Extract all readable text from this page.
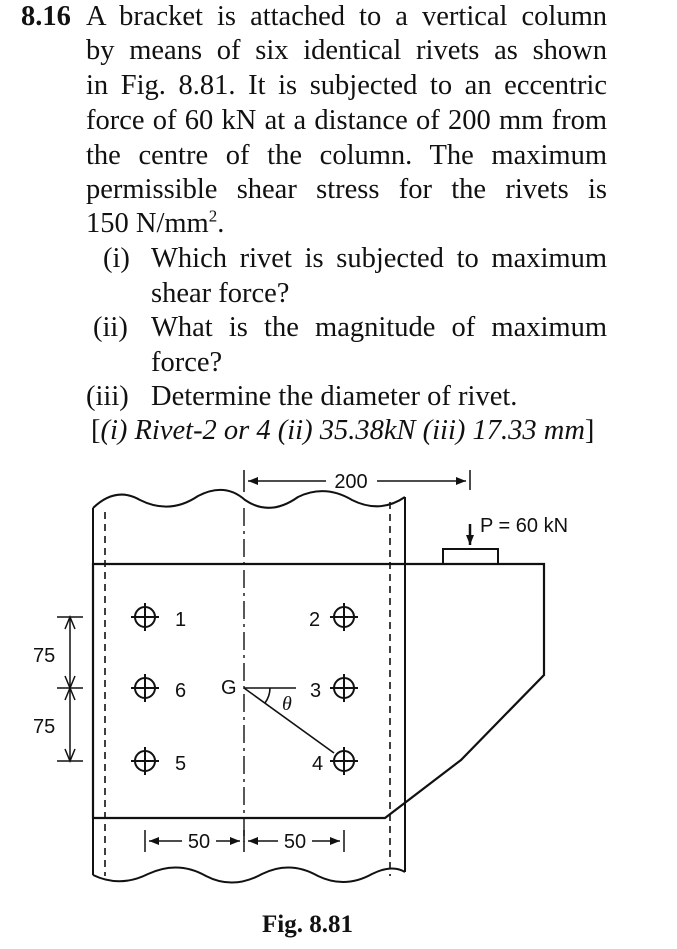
8.16 A bracket is attached to a vertical column
by means of six identical rivets as shown
in Fig. 8.81. It is subjected to an eccentric
force of 60 kN at a distance of 200 mm from
the centre of the column. The maximum
permissible shear stress for the rivets is
150 $N/mm^2$.
(i) Which rivet is subjected to maximum
shear force?
(ii) What is the magnitude of maximum
force?
(iii) Determine the diameter of rivet.
[(i) Rivet-2 or 4 (ii) 35.38kN (iii) 17.33 mm]
P = 60 kN
200
75
75
50	50
1	2
3
4
5
6 G
θ
Fig. 8.81
